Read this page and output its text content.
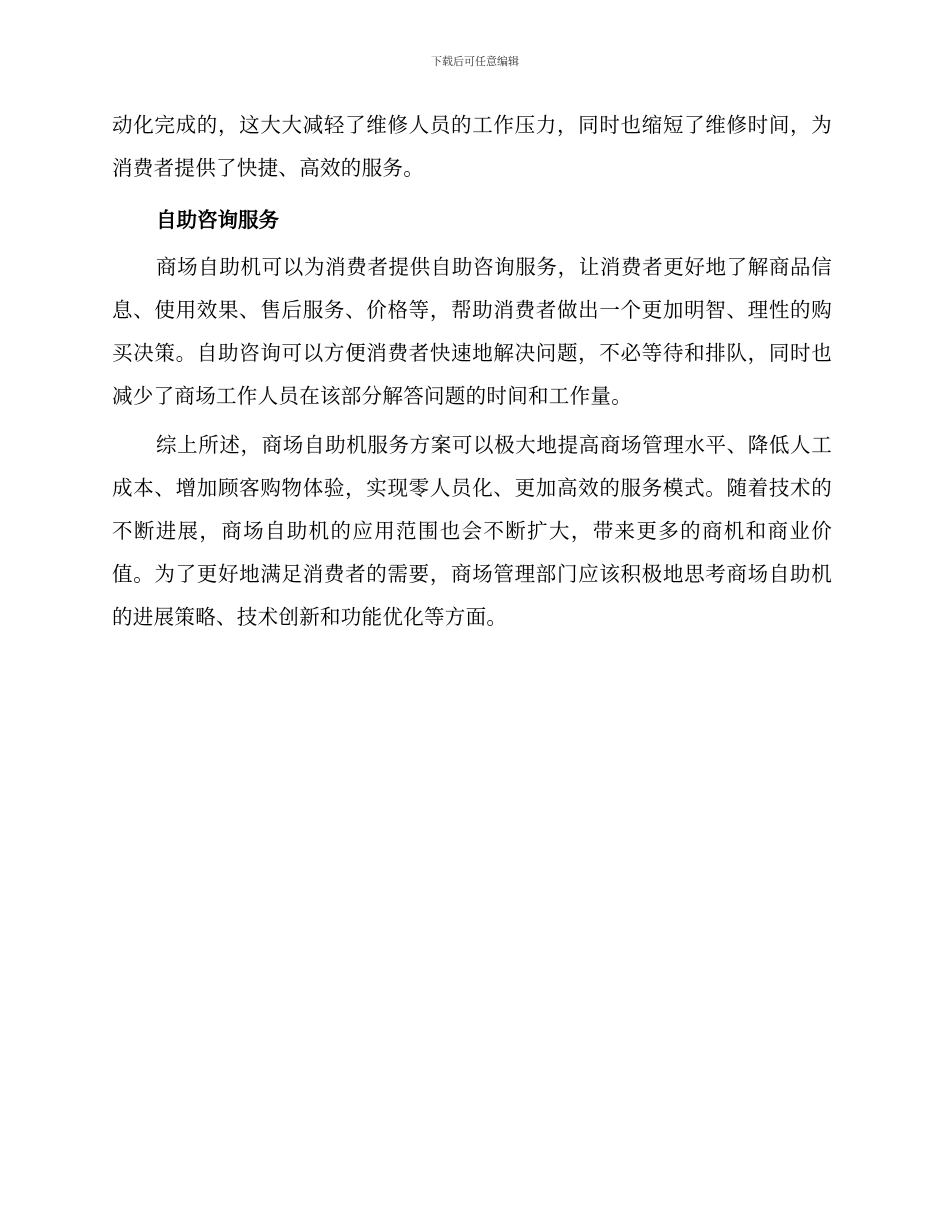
下载后可任意编辑

动化完成的，这大大减轻了维修人员的工作压力，同时也缩短了维修时间，为消费者提供了快捷、高效的服务。

自助咨询服务

商场自助机可以为消费者提供自助咨询服务，让消费者更好地了解商品信息、使用效果、售后服务、价格等，帮助消费者做出一个更加明智、理性的购买决策。自助咨询可以方便消费者快速地解决问题，不必等待和排队，同时也减少了商场工作人员在该部分解答问题的时间和工作量。

综上所述，商场自助机服务方案可以极大地提高商场管理水平、降低人工成本、增加顾客购物体验，实现零人员化、更加高效的服务模式。随着技术的不断进展，商场自助机的应用范围也会不断扩大，带来更多的商机和商业价值。为了更好地满足消费者的需要，商场管理部门应该积极地思考商场自助机的进展策略、技术创新和功能优化等方面。
